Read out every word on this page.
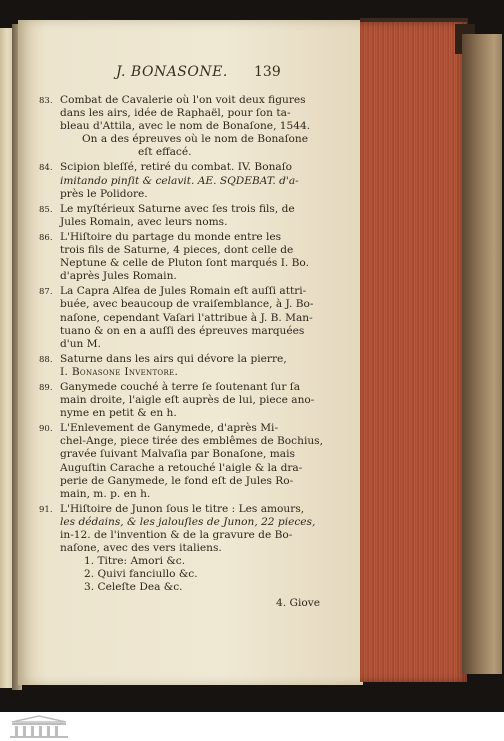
J. BONASONE. 139
83. Combat de Cavalerie où l'on voit deux figures
dans les airs, idée de Raphaël, pour ſon ta-
bleau d'Attila, avec le nom de Bonaſone, 1544.
On a des épreuves où le nom de Bonaſone
eſt effacé.
84. Scipion bleſſé, retiré du combat. IV. Bonaſo
imitando pinſit & celavit. AE. SQDEBAT. d'a-
près le Polidore.
85. Le myſtérieux Saturne avec ſes trois fils, de
Jules Romain, avec leurs noms.
86. L'Hiſtoire du partage du monde entre les
trois fils de Saturne, 4 pieces, dont celle de
Neptune & celle de Pluton ſont marqués I. Bo.
d'après Jules Romain.
87. La Capra Alfea de Jules Romain eſt auſſi attri-
buée, avec beaucoup de vraiſemblance, à J. Bo-
naſone, cependant Vaſari l'attribue à J. B. Man-
tuano & on en a auſſi des épreuves marquées
d'un M.
88. Saturne dans les airs qui dévore la pierre,
I. Bonasone Inventore.
89. Ganymede couché à terre ſe ſoutenant ſur ſa
main droite, l'aigle eſt auprès de lui, piece ano-
nyme en petit & en h.
90. L'Enlevement de Ganymede, d'après Mi-
chel-Ange, piece tirée des emblêmes de Bochius,
gravée ſuivant Malvaſia par Bonaſone, mais
Auguſtin Carache a retouché l'aigle & la dra-
perie de Ganymede, le fond eſt de Jules Ro-
main, m. p. en h.
91. L'Hiſtoire de Junon ſous le titre : Les amours,
les dédains, & les jalouſies de Junon, 22 pieces,
in-12. de l'invention & de la gravure de Bo-
naſone, avec des vers italiens.
1. Titre: Amori &c.
2. Quivi fanciullo &c.
3. Celeſte Dea &c.
4. Giove
